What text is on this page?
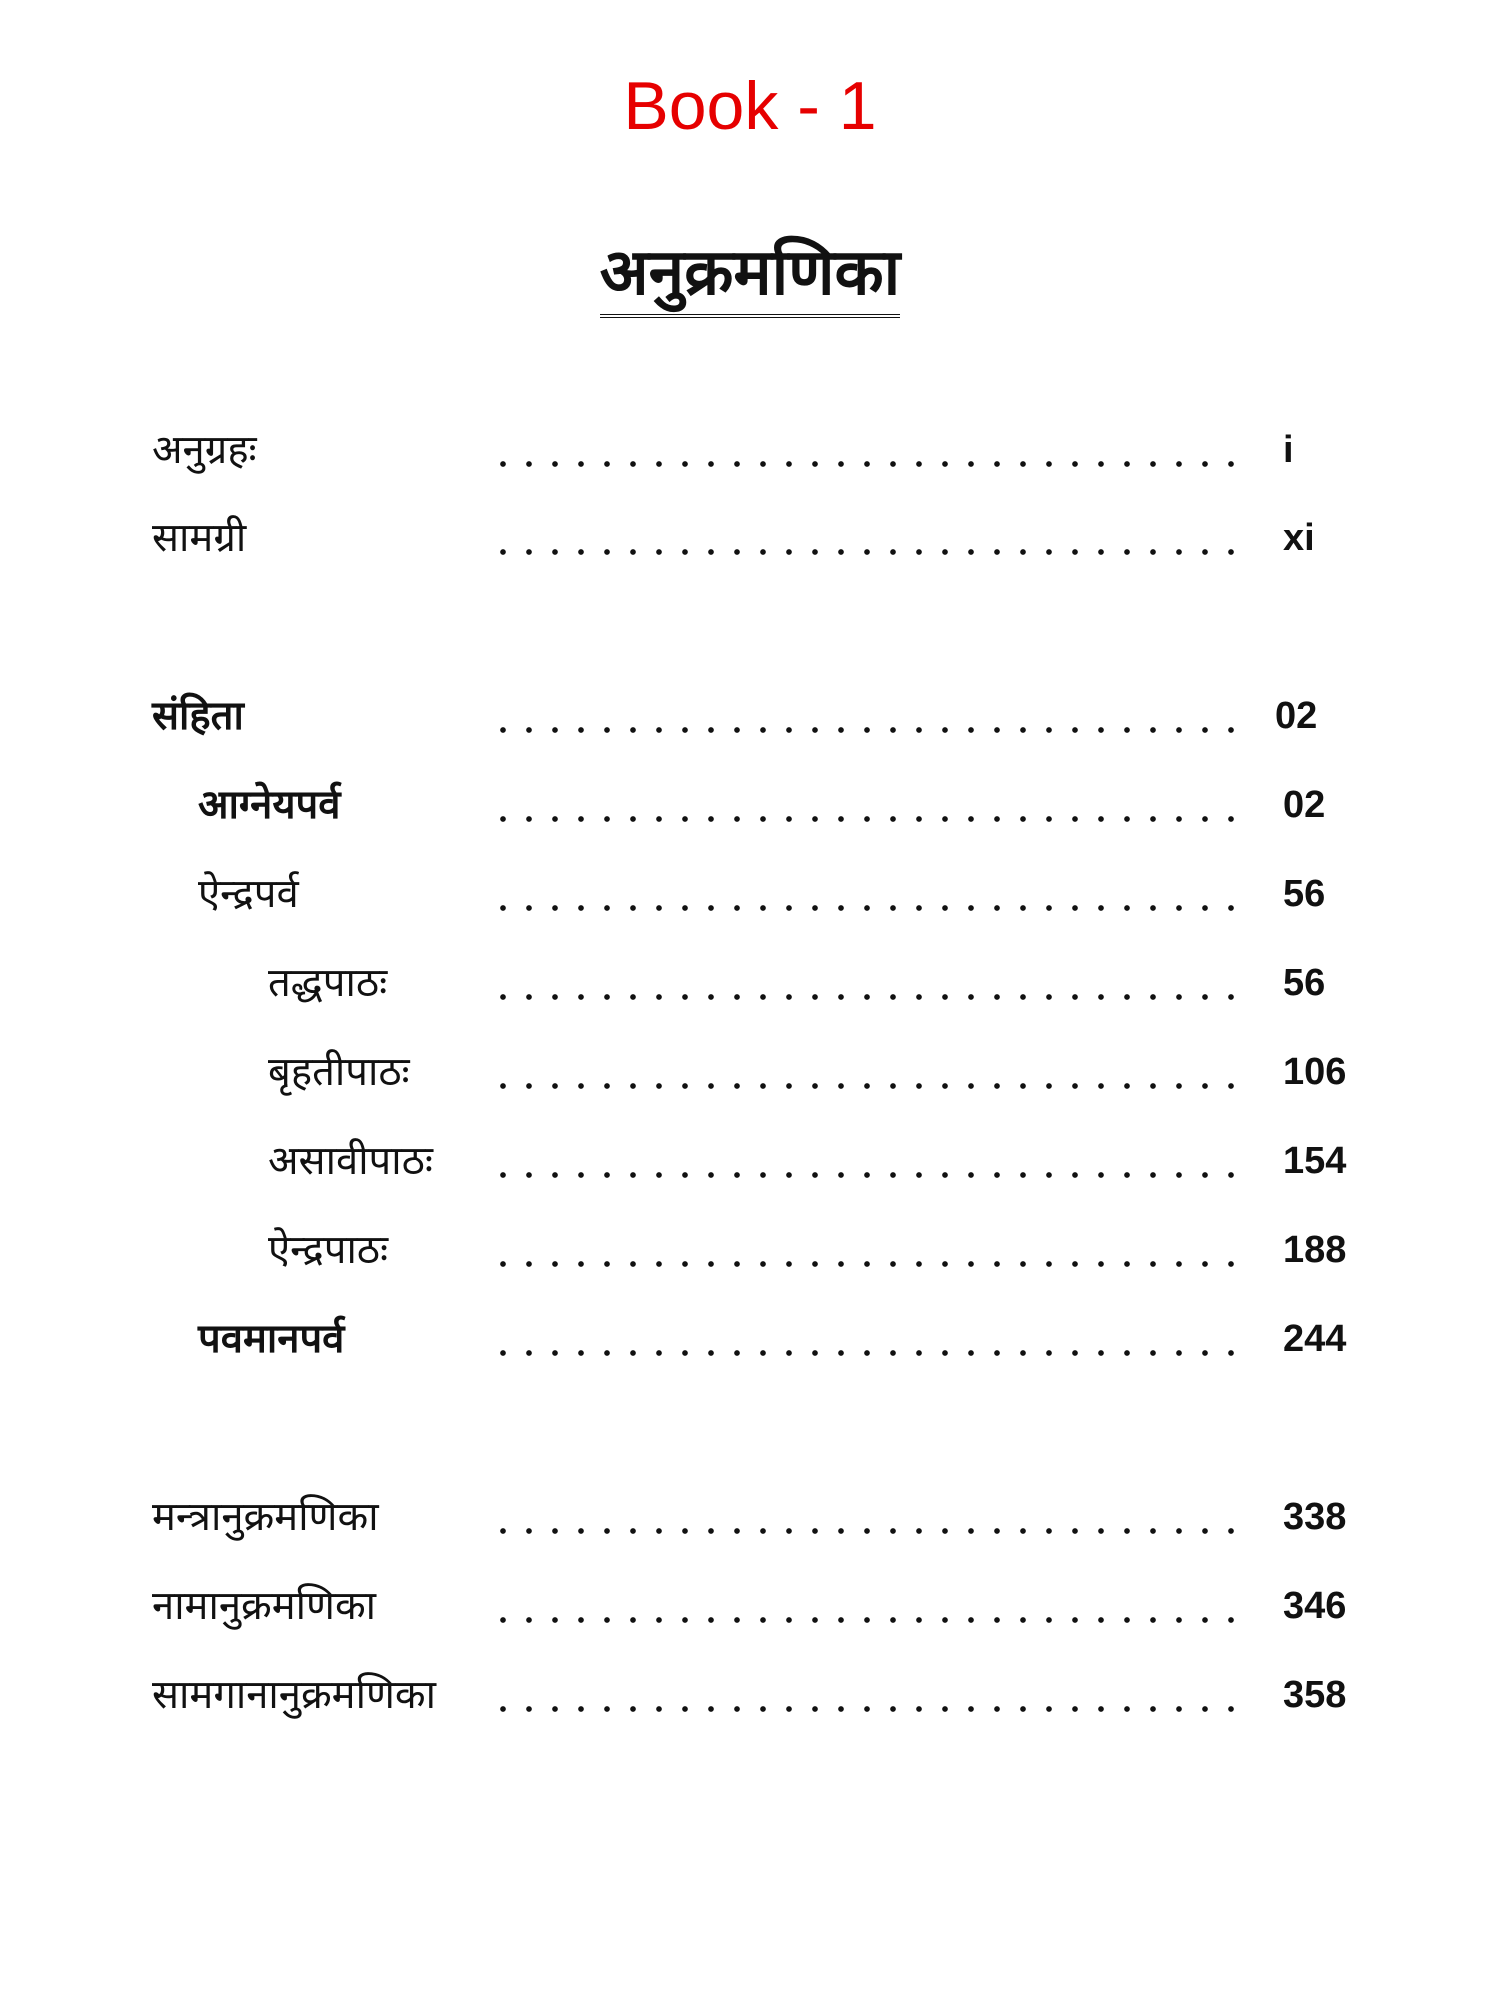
Book - 1
अनुक्रमणिका
अनुग्रहः	i
सामग्री	xi
संहिता	02
आग्नेयपर्व	02
ऐन्द्रपर्व	56
तद्धपाठः	56
बृहतीपाठः	106
असावीपाठः	154
ऐन्द्रपाठः	188
पवमानपर्व	244
मन्त्रानुक्रमणिका	338
नामानुक्रमणिका	346
सामगानानुक्रमणिका	358
